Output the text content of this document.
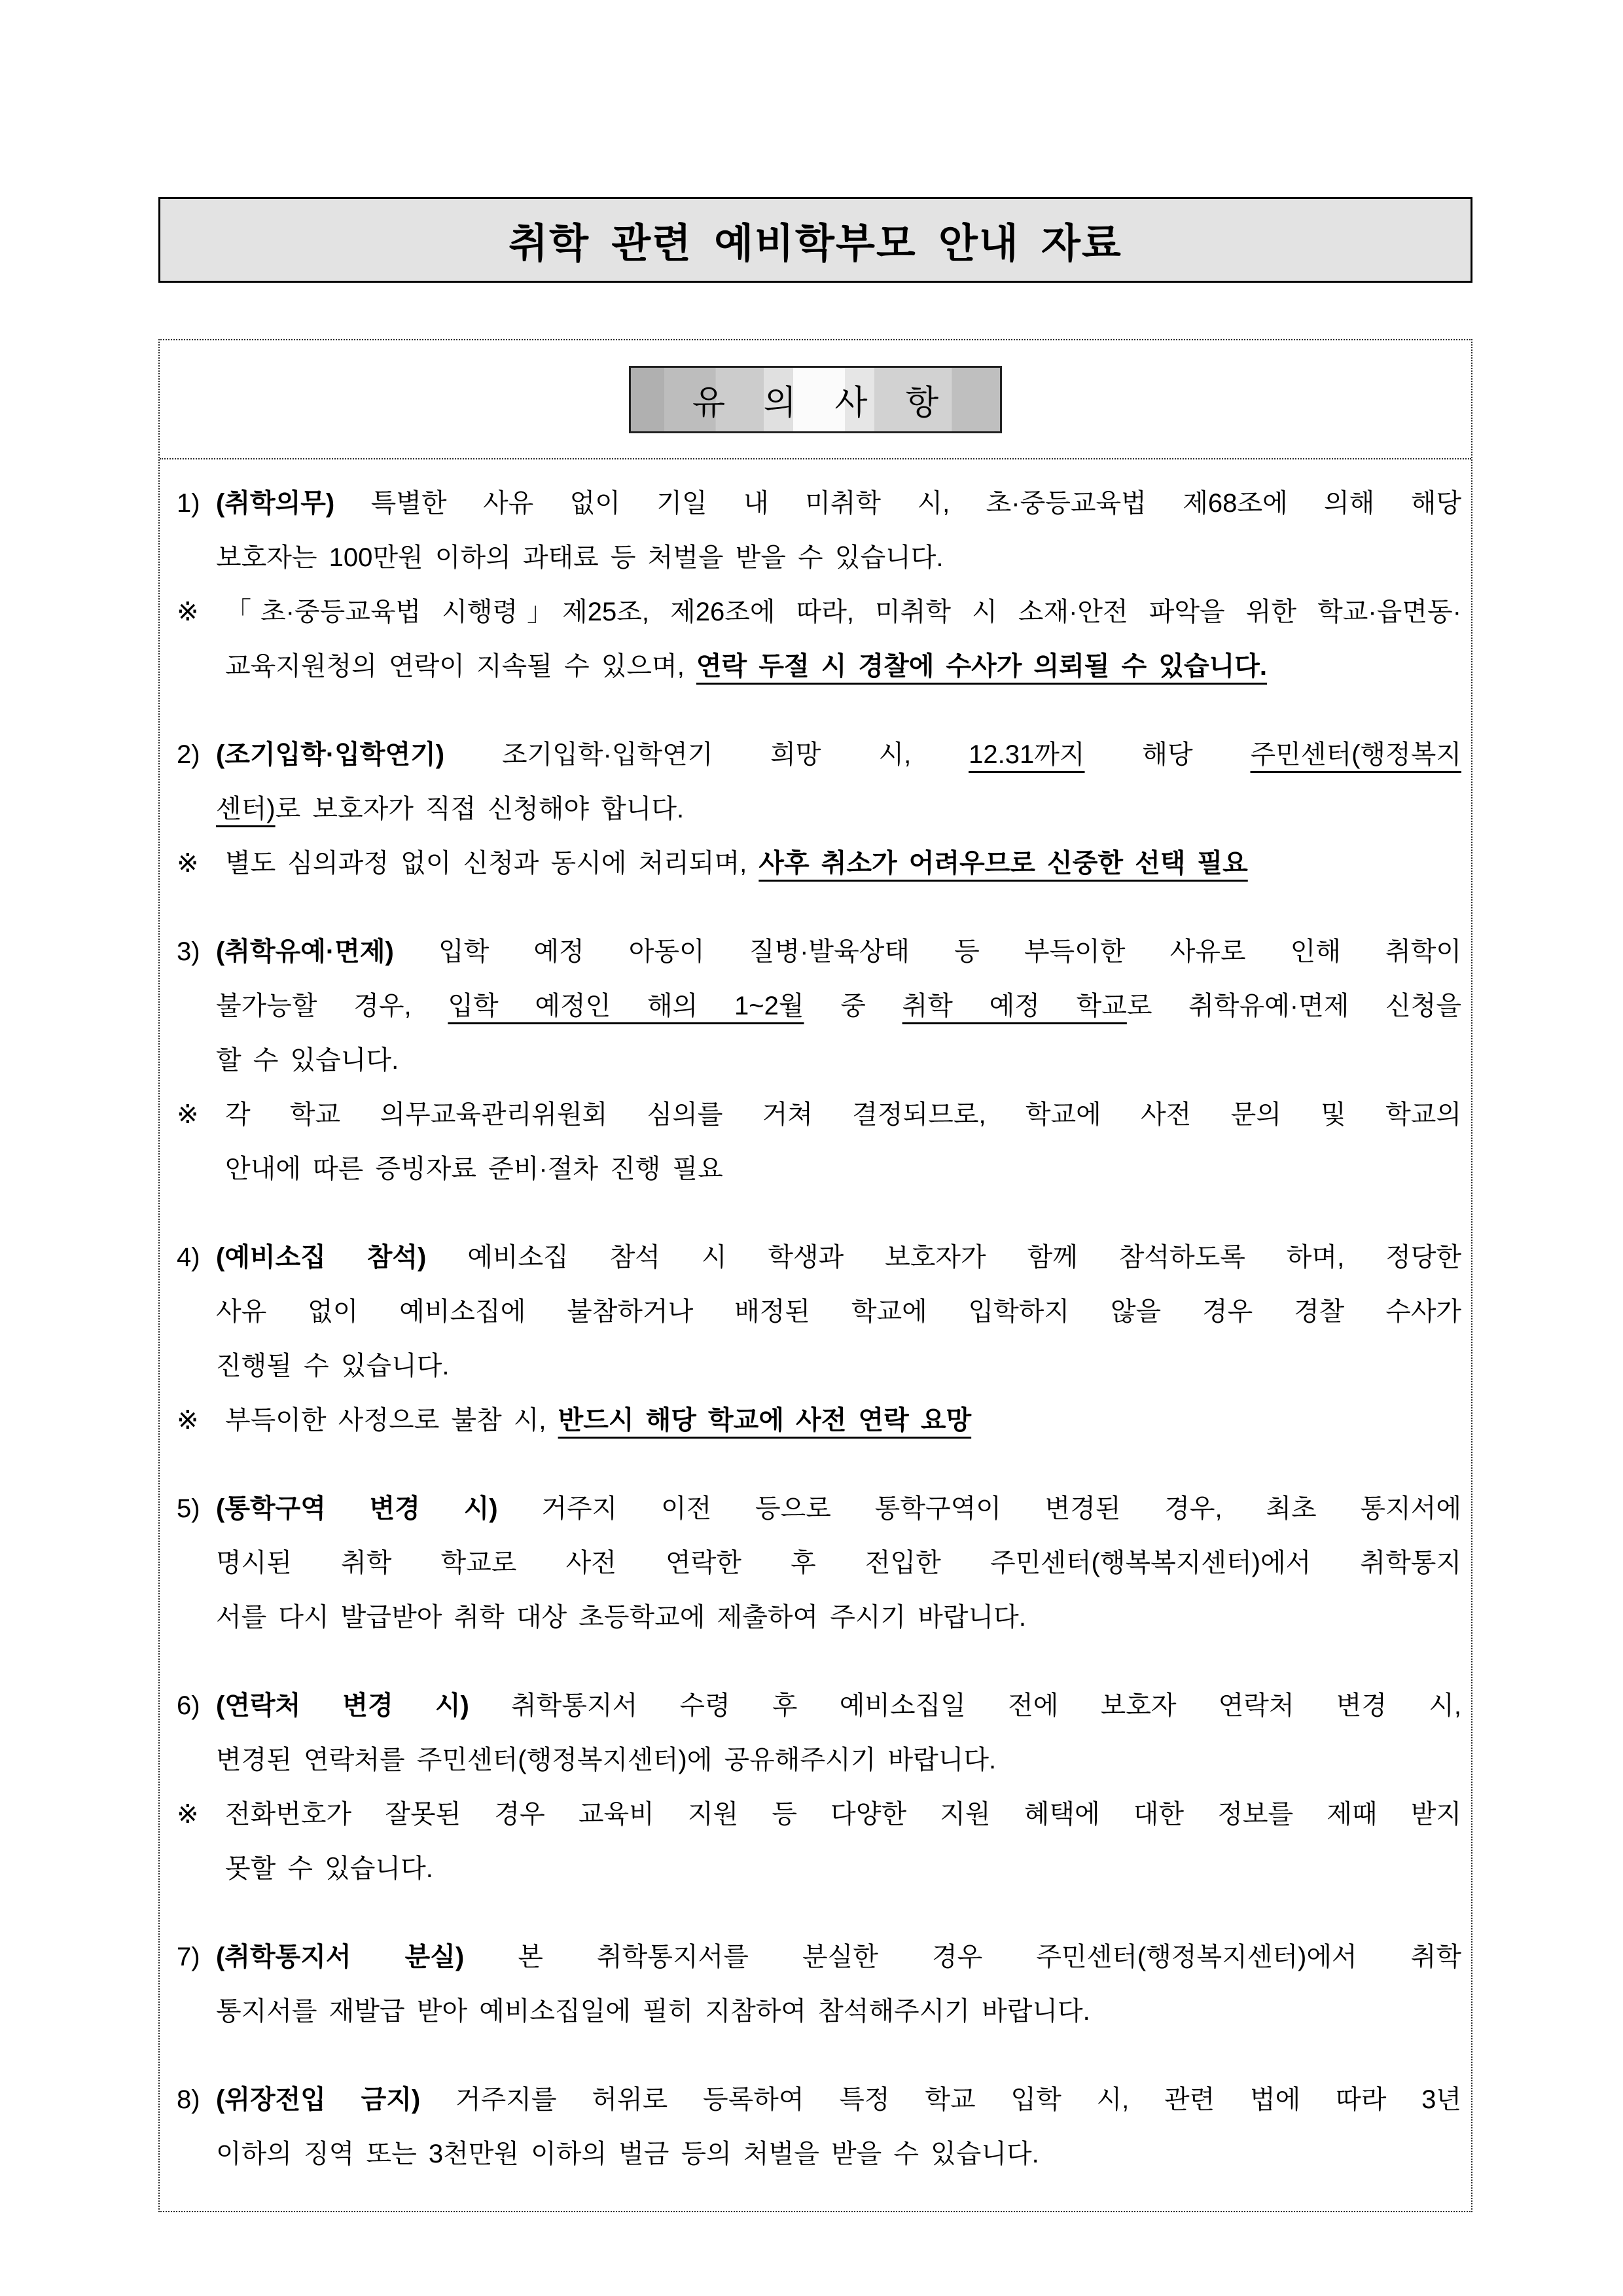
취학 관련 예비학부모 안내 자료
유 의 사 항
1) (취학의무) 특별한 사유 없이 기일 내 미취학 시, 초·중등교육법 제68조에 의해 해당
보호자는 100만원 이하의 과태료 등 처벌을 받을 수 있습니다.
※ 「초·중등교육법 시행령」제25조, 제26조에 따라, 미취학 시 소재·안전 파악을 위한 학교·읍면동·
교육지원청의 연락이 지속될 수 있으며, 연락 두절 시 경찰에 수사가 의뢰될 수 있습니다.
2) (조기입학·입학연기) 조기입학·입학연기 희망 시, 12.31까지 해당 주민센터(행정복지
센터)로 보호자가 직접 신청해야 합니다.
※ 별도 심의과정 없이 신청과 동시에 처리되며, 사후 취소가 어려우므로 신중한 선택 필요
3) (취학유예·면제) 입학 예정 아동이 질병·발육상태 등 부득이한 사유로 인해 취학이
불가능할 경우, 입학 예정인 해의 1~2월 중 취학 예정 학교로 취학유예·면제 신청을
할 수 있습니다.
※ 각 학교 의무교육관리위원회 심의를 거쳐 결정되므로, 학교에 사전 문의 및 학교의
안내에 따른 증빙자료 준비·절차 진행 필요
4) (예비소집 참석) 예비소집 참석 시 학생과 보호자가 함께 참석하도록 하며, 정당한
사유 없이 예비소집에 불참하거나 배정된 학교에 입학하지 않을 경우 경찰 수사가
진행될 수 있습니다.
※ 부득이한 사정으로 불참 시, 반드시 해당 학교에 사전 연락 요망
5) (통학구역 변경 시) 거주지 이전 등으로 통학구역이 변경된 경우, 최초 통지서에
명시된 취학 학교로 사전 연락한 후 전입한 주민센터(행복복지센터)에서 취학통지
서를 다시 발급받아 취학 대상 초등학교에 제출하여 주시기 바랍니다.
6) (연락처 변경 시) 취학통지서 수령 후 예비소집일 전에 보호자 연락처 변경 시,
변경된 연락처를 주민센터(행정복지센터)에 공유해주시기 바랍니다.
※ 전화번호가 잘못된 경우 교육비 지원 등 다양한 지원 혜택에 대한 정보를 제때 받지
못할 수 있습니다.
7) (취학통지서 분실) 본 취학통지서를 분실한 경우 주민센터(행정복지센터)에서 취학
통지서를 재발급 받아 예비소집일에 필히 지참하여 참석해주시기 바랍니다.
8) (위장전입 금지) 거주지를 허위로 등록하여 특정 학교 입학 시, 관련 법에 따라 3년
이하의 징역 또는 3천만원 이하의 벌금 등의 처벌을 받을 수 있습니다.
